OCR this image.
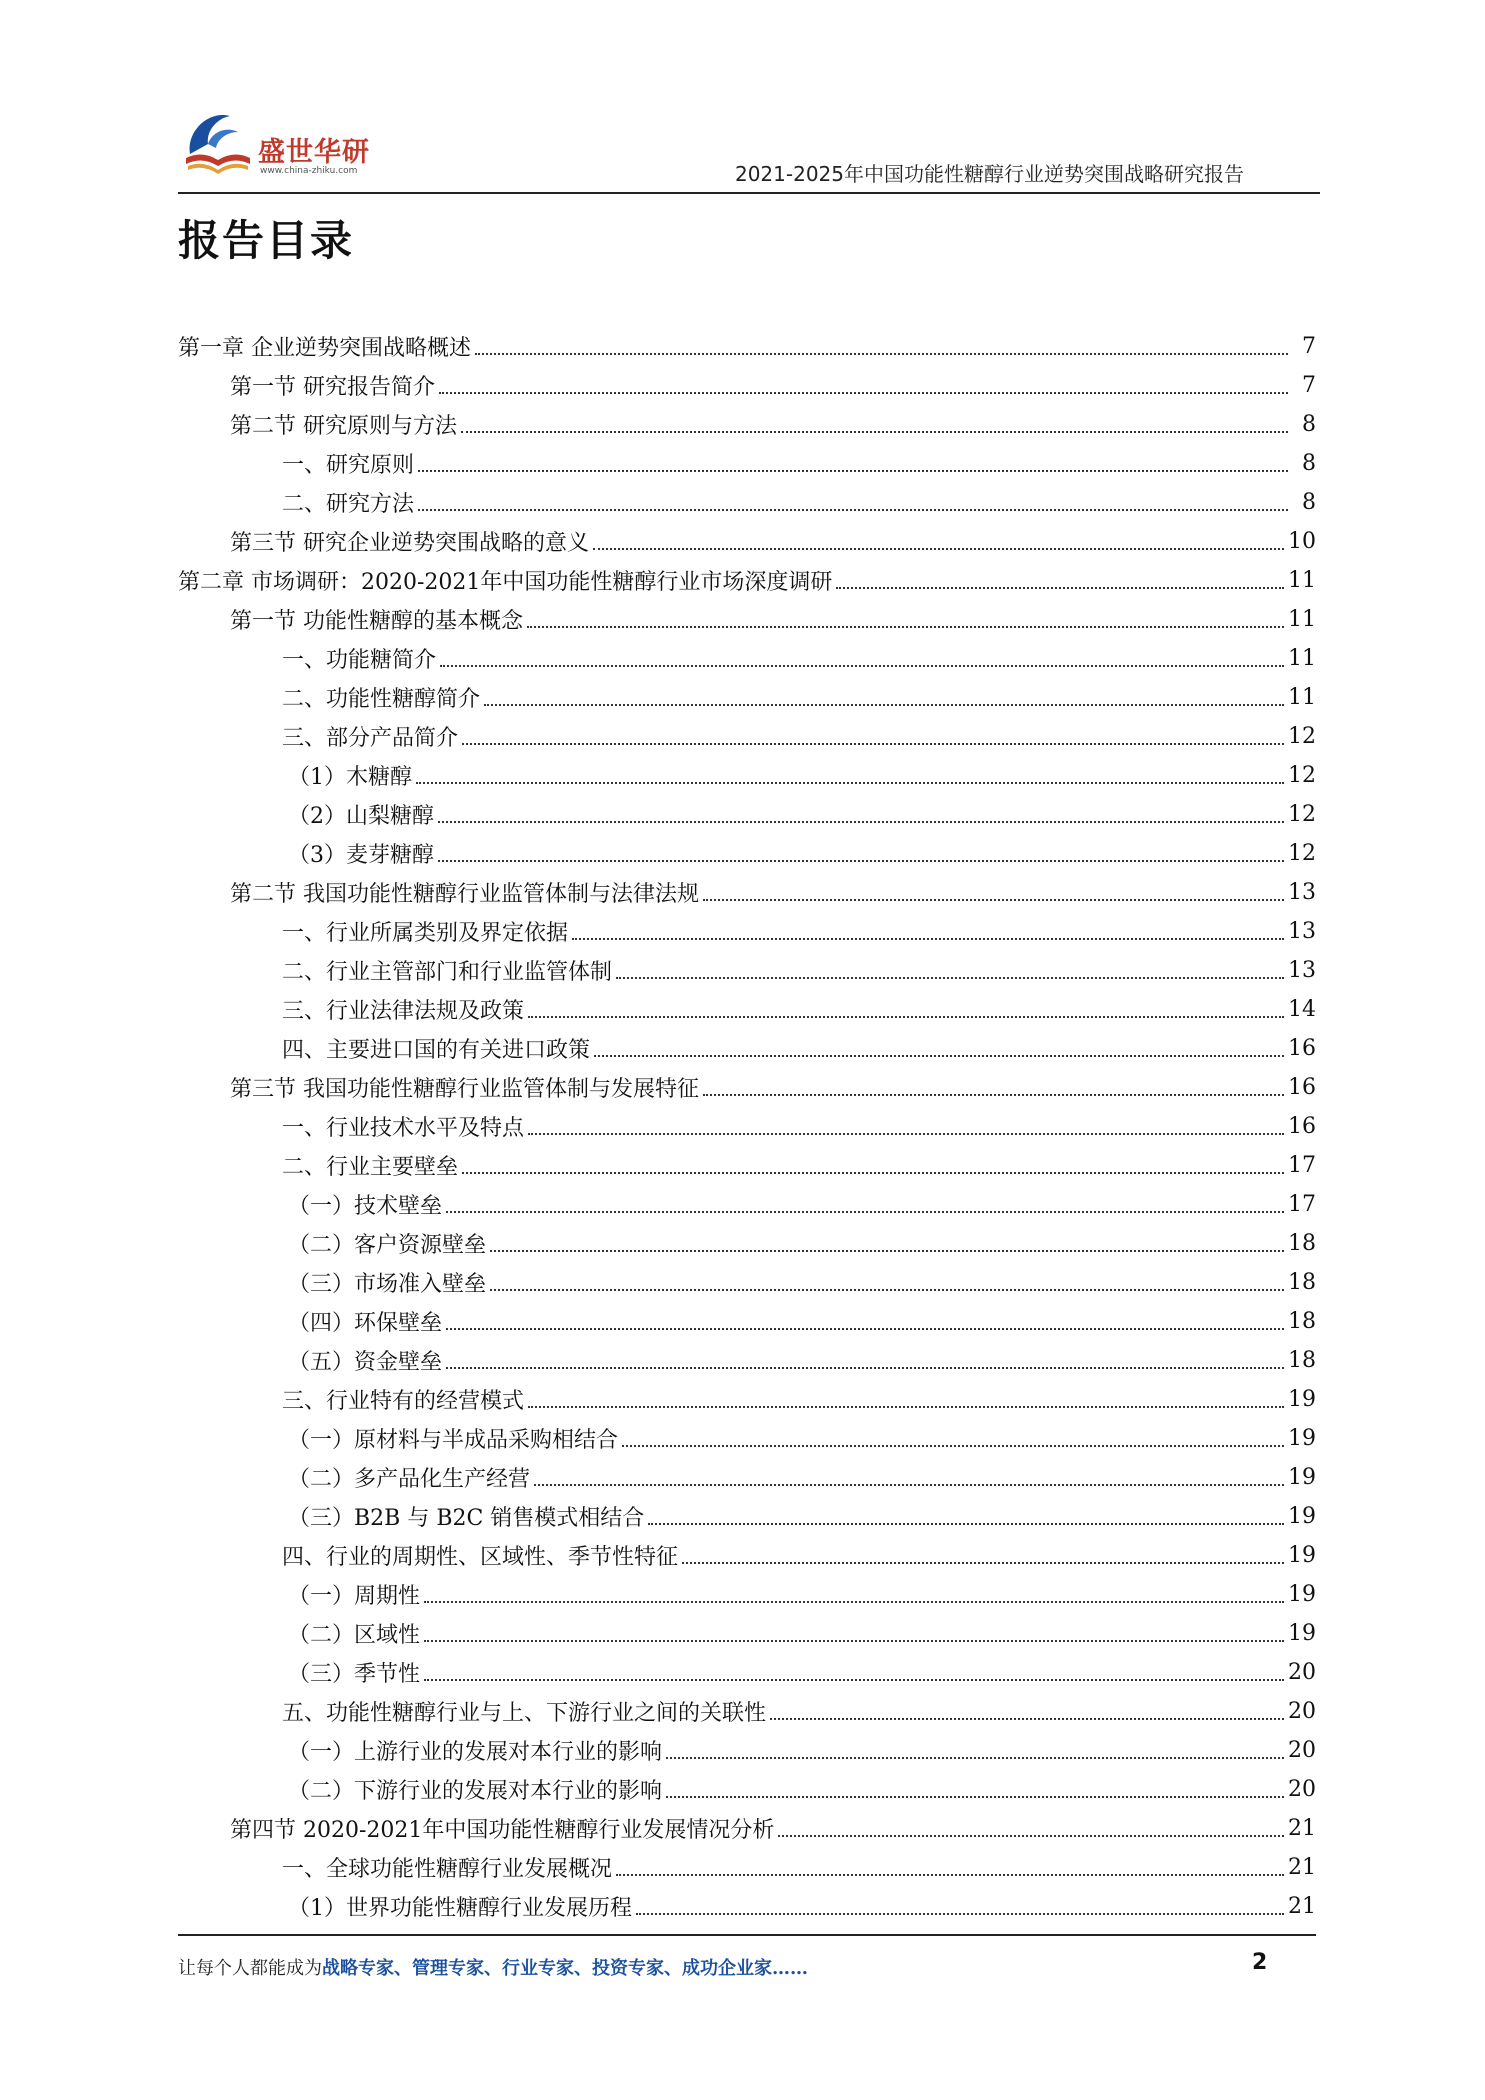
盛世华研
www.china-zhiku.com	2021-2025年中国功能性糖醇行业逆势突围战略研究报告
报告目录
第一章 企业逆势突围战略概述	7
第一节 研究报告简介	7
第二节 研究原则与方法	8
一、研究原则	8
二、研究方法	8
第三节 研究企业逆势突围战略的意义	10
第二章 市场调研：2020-2021年中国功能性糖醇行业市场深度调研	11
第一节 功能性糖醇的基本概念	11
一、功能糖简介	11
二、功能性糖醇简介	11
三、部分产品简介	12
（1）木糖醇	12
（2）山梨糖醇	12
（3）麦芽糖醇	12
第二节 我国功能性糖醇行业监管体制与法律法规	13
一、行业所属类别及界定依据	13
二、行业主管部门和行业监管体制	13
三、行业法律法规及政策	14
四、主要进口国的有关进口政策	16
第三节 我国功能性糖醇行业监管体制与发展特征	16
一、行业技术水平及特点	16
二、行业主要壁垒	17
（一）技术壁垒	17
（二）客户资源壁垒	18
（三）市场准入壁垒	18
（四）环保壁垒	18
（五）资金壁垒	18
三、行业特有的经营模式	19
（一）原材料与半成品采购相结合	19
（二）多产品化生产经营	19
（三）B2B 与 B2C 销售模式相结合	19
四、行业的周期性、区域性、季节性特征	19
（一）周期性	19
（二）区域性	19
（三）季节性	20
五、功能性糖醇行业与上、下游行业之间的关联性	20
（一）上游行业的发展对本行业的影响	20
（二）下游行业的发展对本行业的影响	20
第四节 2020-2021年中国功能性糖醇行业发展情况分析	21
一、全球功能性糖醇行业发展概况	21
（1）世界功能性糖醇行业发展历程	21
让每个人都能成为战略专家、管理专家、行业专家、投资专家、成功企业家……	2
